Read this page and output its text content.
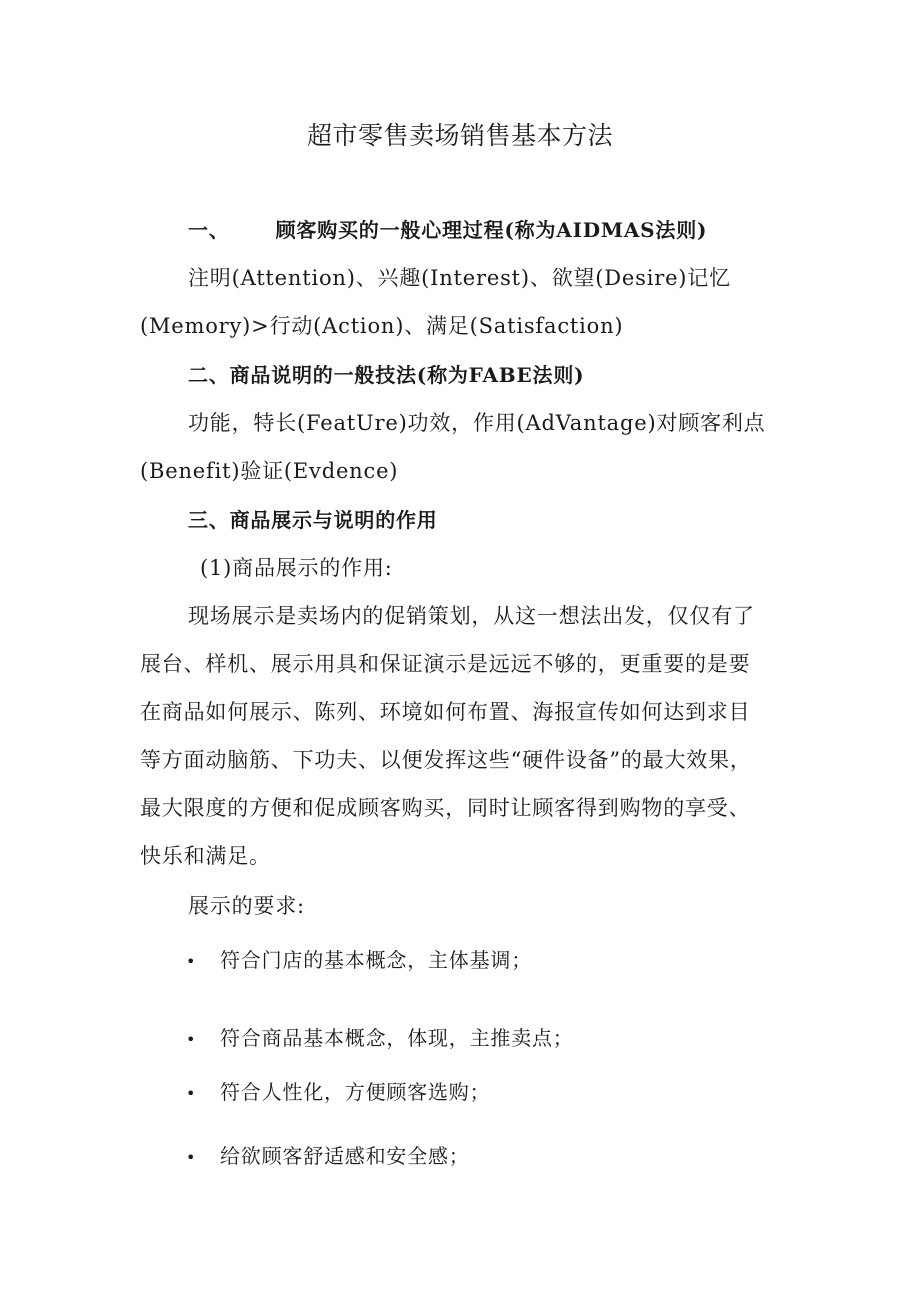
超市零售卖场销售基本方法
一、 顾客购买的一般心理过程(称为AIDMAS法则)
注明(Attention)、兴趣(Interest)、欲望(Desire)记忆
(Memory)>行动(Action)、满足(Satisfaction)
二、商品说明的一般技法(称为FABE法则)
功能，特长(FeatUre)功效，作用(AdVantage)对顾客利点
(Benefit)验证(Evdence)
三、商品展示与说明的作用
(1)商品展示的作用:
现场展示是卖场内的促销策划，从这一想法出发，仅仅有了
展台、样机、展示用具和保证演示是远远不够的，更重要的是要
在商品如何展示、陈列、环境如何布置、海报宣传如何达到求目
等方面动脑筋、下功夫、以便发挥这些“硬件设备”的最大效果，
最大限度的方便和促成顾客购买，同时让顾客得到购物的享受、
快乐和满足。
展示的要求:
• 符合门店的基本概念，主体基调；
• 符合商品基本概念，体现，主推卖点；
• 符合人性化，方便顾客选购；
• 给欲顾客舒适感和安全感；
